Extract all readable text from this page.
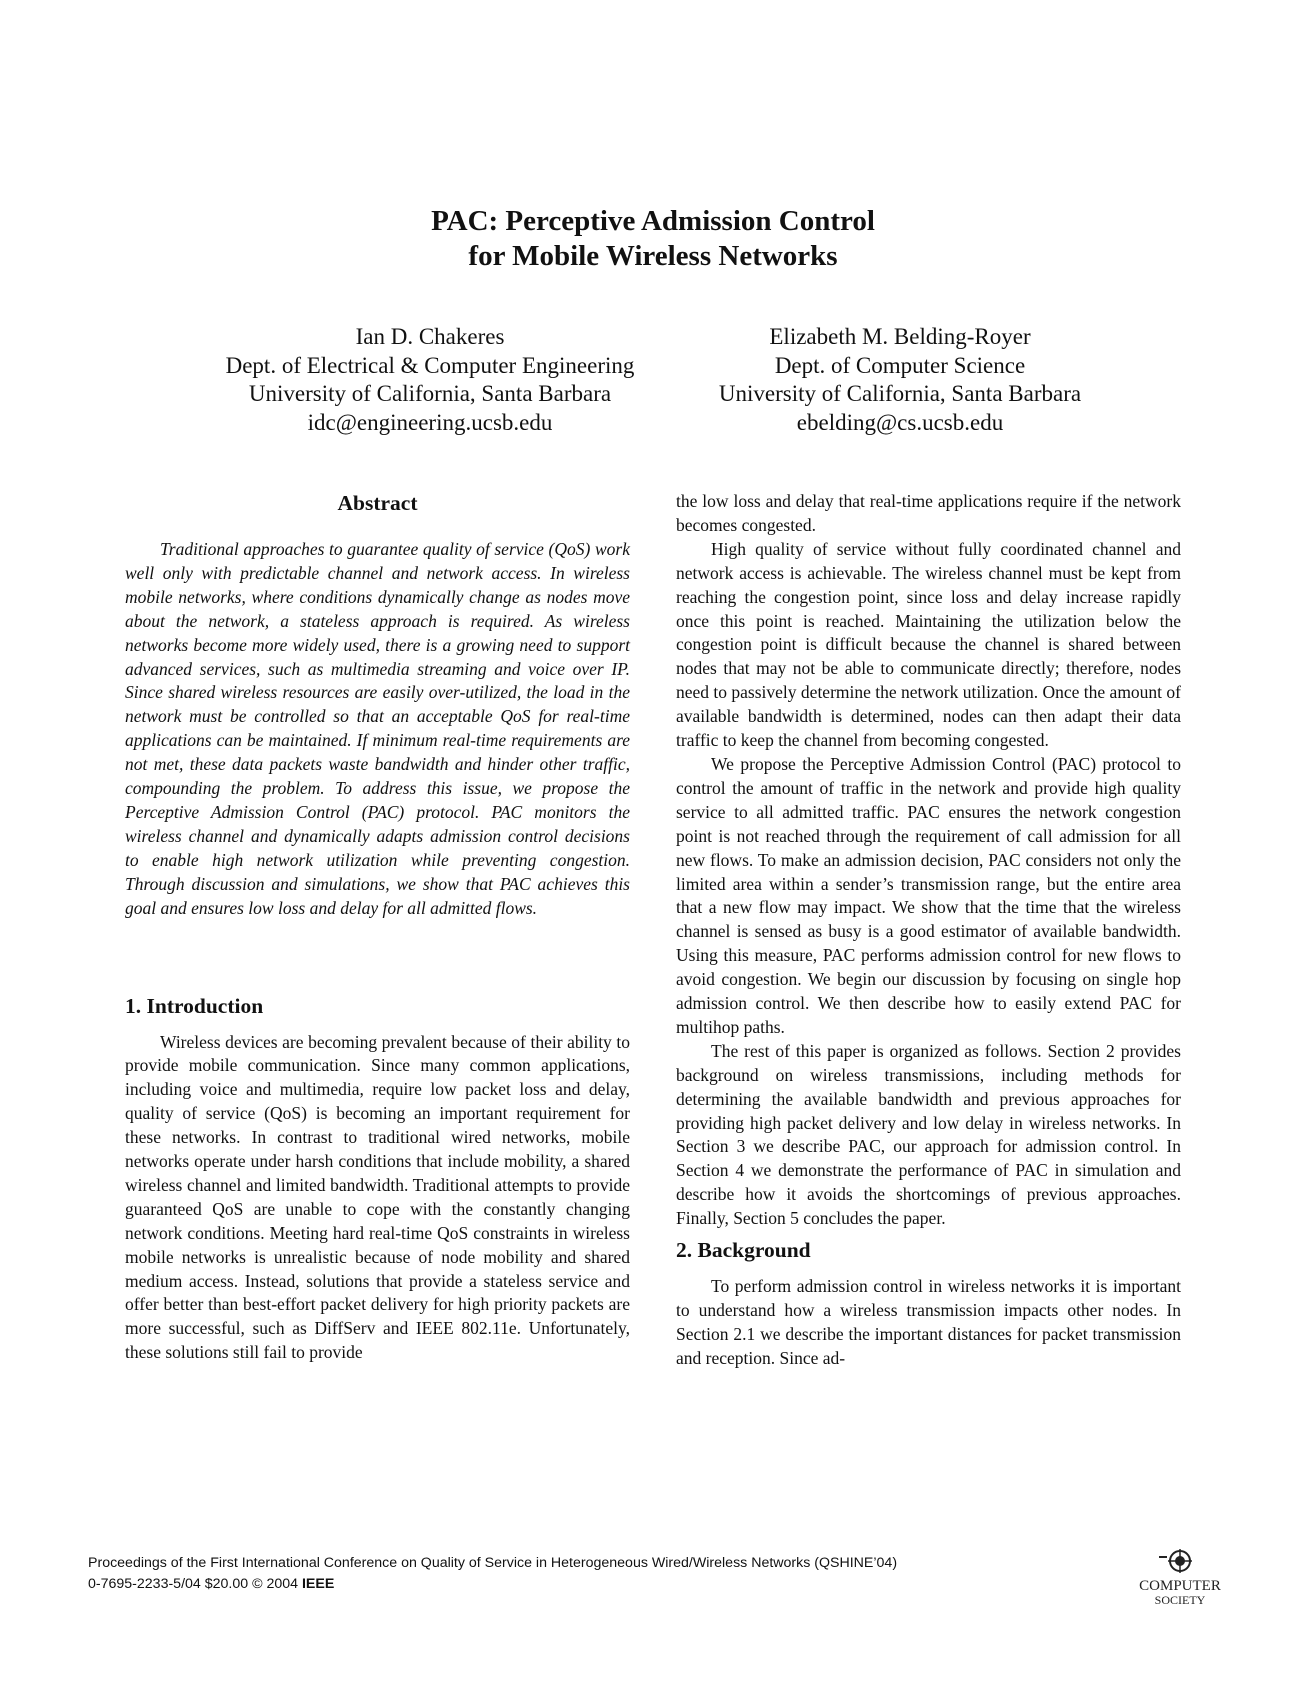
PAC: Perceptive Admission Control
for Mobile Wireless Networks
Ian D. Chakeres
Dept. of Electrical & Computer Engineering
University of California, Santa Barbara
idc@engineering.ucsb.edu
Elizabeth M. Belding-Royer
Dept. of Computer Science
University of California, Santa Barbara
ebelding@cs.ucsb.edu
Abstract

Traditional approaches to guarantee quality of service (QoS) work well only with predictable channel and network access. In wireless mobile networks, where conditions dynamically change as nodes move about the network, a stateless approach is required. As wireless networks become more widely used, there is a growing need to support advanced services, such as multimedia streaming and voice over IP. Since shared wireless resources are easily over-utilized, the load in the network must be controlled so that an acceptable QoS for real-time applications can be maintained. If minimum real-time requirements are not met, these data packets waste bandwidth and hinder other traffic, compounding the problem. To address this issue, we propose the Perceptive Admission Control (PAC) protocol. PAC monitors the wireless channel and dynamically adapts admission control decisions to enable high network utilization while preventing congestion. Through discussion and simulations, we show that PAC achieves this goal and ensures low loss and delay for all admitted flows.

1. Introduction

Wireless devices are becoming prevalent because of their ability to provide mobile communication. Since many common applications, including voice and multimedia, require low packet loss and delay, quality of service (QoS) is becoming an important requirement for these networks. In contrast to traditional wired networks, mobile networks operate under harsh conditions that include mobility, a shared wireless channel and limited bandwidth. Traditional attempts to provide guaranteed QoS are unable to cope with the constantly changing network conditions. Meeting hard real-time QoS constraints in wireless mobile networks is unrealistic because of node mobility and shared medium access. Instead, solutions that provide a stateless service and offer better than best-effort packet delivery for high priority packets are more successful, such as DiffServ and IEEE 802.11e. Unfortunately, these solutions still fail to provide

the low loss and delay that real-time applications require if the network becomes congested.

High quality of service without fully coordinated channel and network access is achievable. The wireless channel must be kept from reaching the congestion point, since loss and delay increase rapidly once this point is reached. Maintaining the utilization below the congestion point is difficult because the channel is shared between nodes that may not be able to communicate directly; therefore, nodes need to passively determine the network utilization. Once the amount of available bandwidth is determined, nodes can then adapt their data traffic to keep the channel from becoming congested.

We propose the Perceptive Admission Control (PAC) protocol to control the amount of traffic in the network and provide high quality service to all admitted traffic. PAC ensures the network congestion point is not reached through the requirement of call admission for all new flows. To make an admission decision, PAC considers not only the limited area within a sender’s transmission range, but the entire area that a new flow may impact. We show that the time that the wireless channel is sensed as busy is a good estimator of available bandwidth. Using this measure, PAC performs admission control for new flows to avoid congestion. We begin our discussion by focusing on single hop admission control. We then describe how to easily extend PAC for multihop paths.

The rest of this paper is organized as follows. Section 2 provides background on wireless transmissions, including methods for determining the available bandwidth and previous approaches for providing high packet delivery and low delay in wireless networks. In Section 3 we describe PAC, our approach for admission control. In Section 4 we demonstrate the performance of PAC in simulation and describe how it avoids the shortcomings of previous approaches. Finally, Section 5 concludes the paper.

2. Background

To perform admission control in wireless networks it is important to understand how a wireless transmission impacts other nodes. In Section 2.1 we describe the important distances for packet transmission and reception. Since ad-

Proceedings of the First International Conference on Quality of Service in Heterogeneous Wired/Wireless Networks (QSHINE’04)
0-7695-2233-5/04 $20.00 © 2004 IEEE	COMPUTER
SOCIETY
